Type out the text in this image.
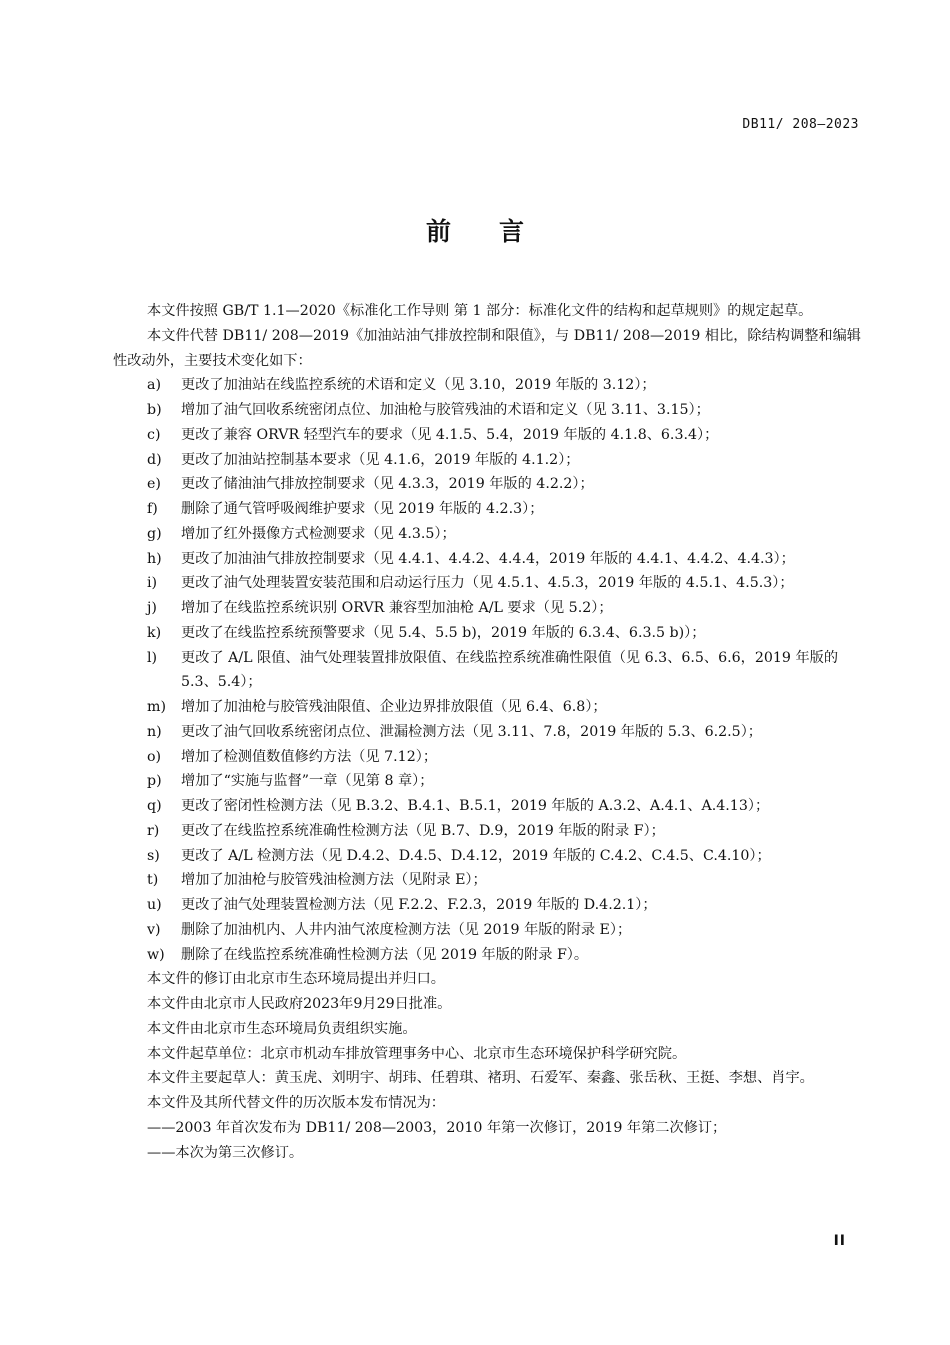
DB11/ 208—2023
前 言

本文件按照 GB/T 1.1—2020《标准化工作导则 第 1 部分：标准化文件的结构和起草规则》的规定起草。

本文件代替 DB11/ 208—2019《加油站油气排放控制和限值》，与 DB11/ 208—2019 相比，除结构调整和编辑性改动外，主要技术变化如下：

a) 更改了加油站在线监控系统的术语和定义（见 3.10，2019 年版的 3.12）；

b) 增加了油气回收系统密闭点位、加油枪与胶管残油的术语和定义（见 3.11、3.15）；

c) 更改了兼容 ORVR 轻型汽车的要求（见 4.1.5、5.4，2019 年版的 4.1.8、6.3.4）；

d) 更改了加油站控制基本要求（见 4.1.6，2019 年版的 4.1.2）；

e) 更改了储油油气排放控制要求（见 4.3.3，2019 年版的 4.2.2）；

f) 删除了通气管呼吸阀维护要求（见 2019 年版的 4.2.3）；

g) 增加了红外摄像方式检测要求（见 4.3.5）；

h) 更改了加油油气排放控制要求（见 4.4.1、4.4.2、4.4.4，2019 年版的 4.4.1、4.4.2、4.4.3）；

i) 更改了油气处理装置安装范围和启动运行压力（见 4.5.1、4.5.3，2019 年版的 4.5.1、4.5.3）；

j) 增加了在线监控系统识别 ORVR 兼容型加油枪 A/L 要求（见 5.2）；

k) 更改了在线监控系统预警要求（见 5.4、5.5 b)，2019 年版的 6.3.4、6.3.5 b)）；

l) 更改了 A/L 限值、油气处理装置排放限值、在线监控系统准确性限值（见 6.3、6.5、6.6，2019 年版的 5.3、5.4）；

m) 增加了加油枪与胶管残油限值、企业边界排放限值（见 6.4、6.8）；

n) 更改了油气回收系统密闭点位、泄漏检测方法（见 3.11、7.8，2019 年版的 5.3、6.2.5）；

o) 增加了检测值数值修约方法（见 7.12）；

p) 增加了“实施与监督”一章（见第 8 章）；

q) 更改了密闭性检测方法（见 B.3.2、B.4.1、B.5.1，2019 年版的 A.3.2、A.4.1、A.4.13）；

r) 更改了在线监控系统准确性检测方法（见 B.7、D.9，2019 年版的附录 F）；

s) 更改了 A/L 检测方法（见 D.4.2、D.4.5、D.4.12，2019 年版的 C.4.2、C.4.5、C.4.10）；

t) 增加了加油枪与胶管残油检测方法（见附录 E）；

u) 更改了油气处理装置检测方法（见 F.2.2、F.2.3，2019 年版的 D.4.2.1）；

v) 删除了加油机内、人井内油气浓度检测方法（见 2019 年版的附录 E）；

w) 删除了在线监控系统准确性检测方法（见 2019 年版的附录 F）。

本文件的修订由北京市生态环境局提出并归口。

本文件由北京市人民政府2023年9月29日批准。

本文件由北京市生态环境局负责组织实施。

本文件起草单位：北京市机动车排放管理事务中心、北京市生态环境保护科学研究院。

本文件主要起草人：黄玉虎、刘明宇、胡玮、任碧琪、褚玥、石爱军、秦鑫、张岳秋、王挺、李想、肖宇。

本文件及其所代替文件的历次版本发布情况为：

——2003 年首次发布为 DB11/ 208—2003，2010 年第一次修订，2019 年第二次修订；

——本次为第三次修订。

II
